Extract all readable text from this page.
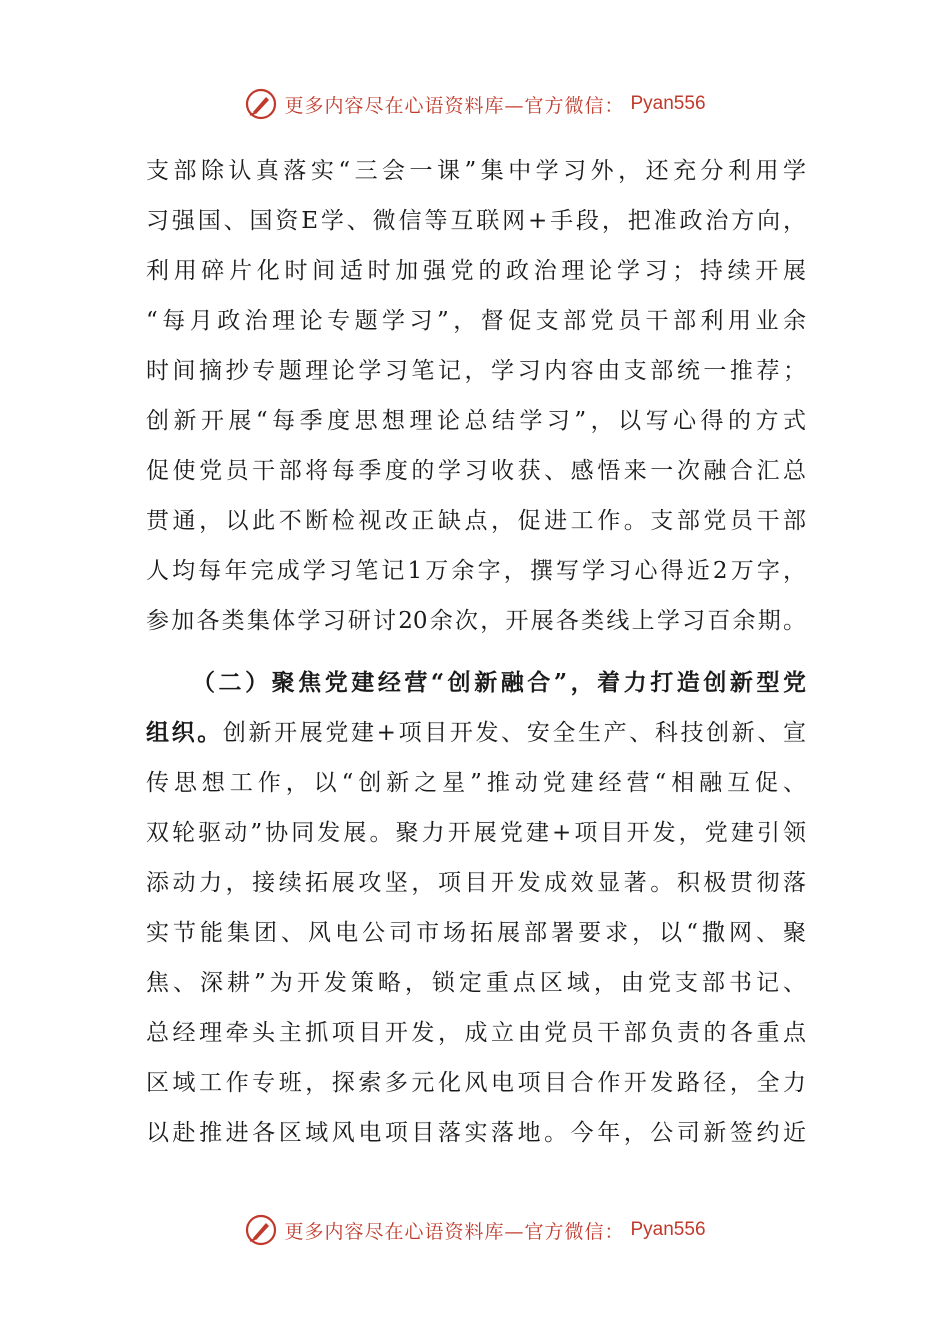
更多内容尽在心语资料库—官方微信： Pyan556
支部除认真落实“三会一课”集中学习外，还充分利用学
习强国、国资E学、微信等互联网+手段，把准政治方向，
利用碎片化时间适时加强党的政治理论学习；持续开展
“每月政治理论专题学习”，督促支部党员干部利用业余
时间摘抄专题理论学习笔记，学习内容由支部统一推荐；
创新开展“每季度思想理论总结学习”，以写心得的方式
促使党员干部将每季度的学习收获、感悟来一次融合汇总
贯通，以此不断检视改正缺点，促进工作。支部党员干部
人均每年完成学习笔记1万余字，撰写学习心得近2万字，
参加各类集体学习研讨20余次，开展各类线上学习百余期。
（二）聚焦党建经营“创新融合”，着力打造创新型党
组织。创新开展党建+项目开发、安全生产、科技创新、宣
传思想工作，以“创新之星”推动党建经营“相融互促、
双轮驱动”协同发展。聚力开展党建+项目开发，党建引领
添动力，接续拓展攻坚，项目开发成效显著。积极贯彻落
实节能集团、风电公司市场拓展部署要求，以“撒网、聚
焦、深耕”为开发策略，锁定重点区域，由党支部书记、
总经理牵头主抓项目开发，成立由党员干部负责的各重点
区域工作专班，探索多元化风电项目合作开发路径，全力
以赴推进各区域风电项目落实落地。今年，公司新签约近
更多内容尽在心语资料库—官方微信： Pyan556
